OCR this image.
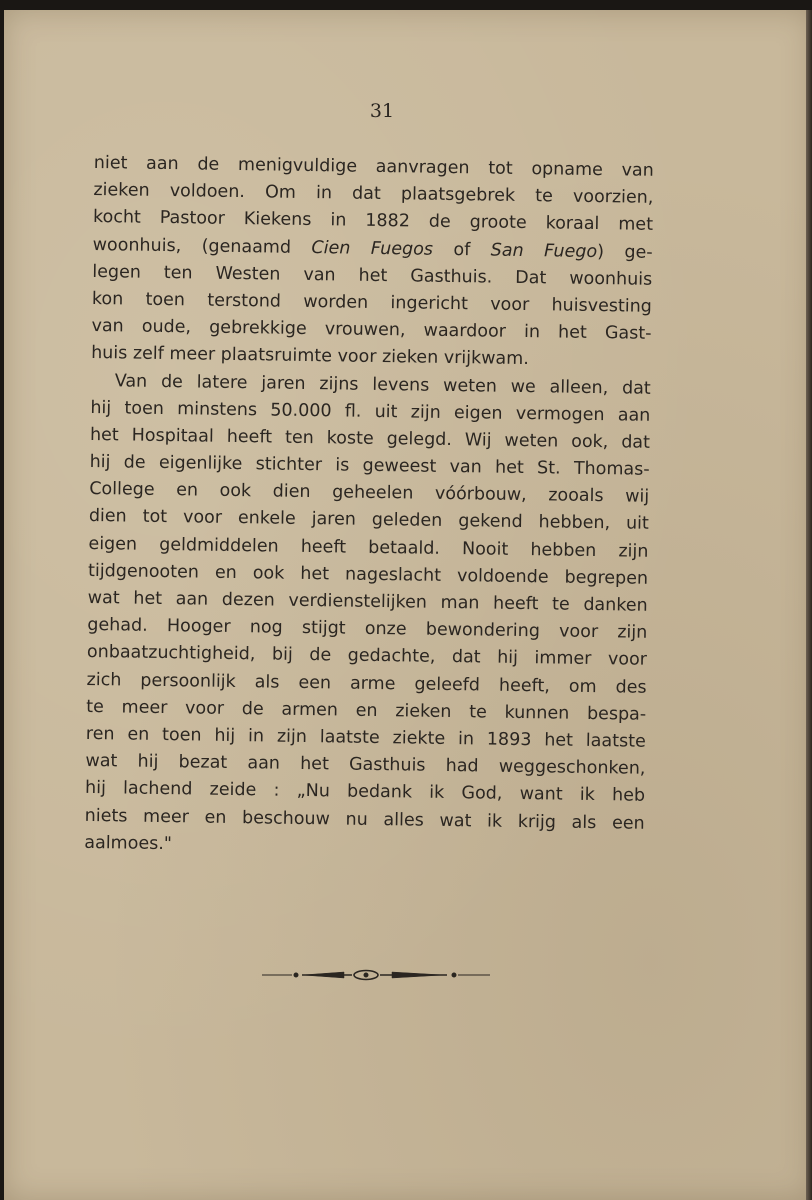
31
niet aan de menigvuldige aanvragen tot opname van
zieken voldoen. Om in dat plaatsgebrek te voorzien,
kocht Pastoor Kiekens in 1882 de groote koraal met
woonhuis, (genaamd Cien Fuegos of San Fuego) ge-
legen ten Westen van het Gasthuis. Dat woonhuis
kon toen terstond worden ingericht voor huisvesting
van oude, gebrekkige vrouwen, waardoor in het Gast-
huis zelf meer plaatsruimte voor zieken vrijkwam.
Van de latere jaren zijns levens weten we alleen, dat
hij toen minstens 50.000 fl. uit zijn eigen vermogen aan
het Hospitaal heeft ten koste gelegd. Wij weten ook, dat
hij de eigenlijke stichter is geweest van het St. Thomas-
College en ook dien geheelen vóórbouw, zooals wij
dien tot voor enkele jaren geleden gekend hebben, uit
eigen geldmiddelen heeft betaald. Nooit hebben zijn
tijdgenooten en ook het nageslacht voldoende begrepen
wat het aan dezen verdienstelijken man heeft te danken
gehad. Hooger nog stijgt onze bewondering voor zijn
onbaatzuchtigheid, bij de gedachte, dat hij immer voor
zich persoonlijk als een arme geleefd heeft, om des
te meer voor de armen en zieken te kunnen bespa-
ren en toen hij in zijn laatste ziekte in 1893 het laatste
wat hij bezat aan het Gasthuis had weggeschonken,
hij lachend zeide : „Nu bedank ik God, want ik heb
niets meer en beschouw nu alles wat ik krijg als een
aalmoes."
